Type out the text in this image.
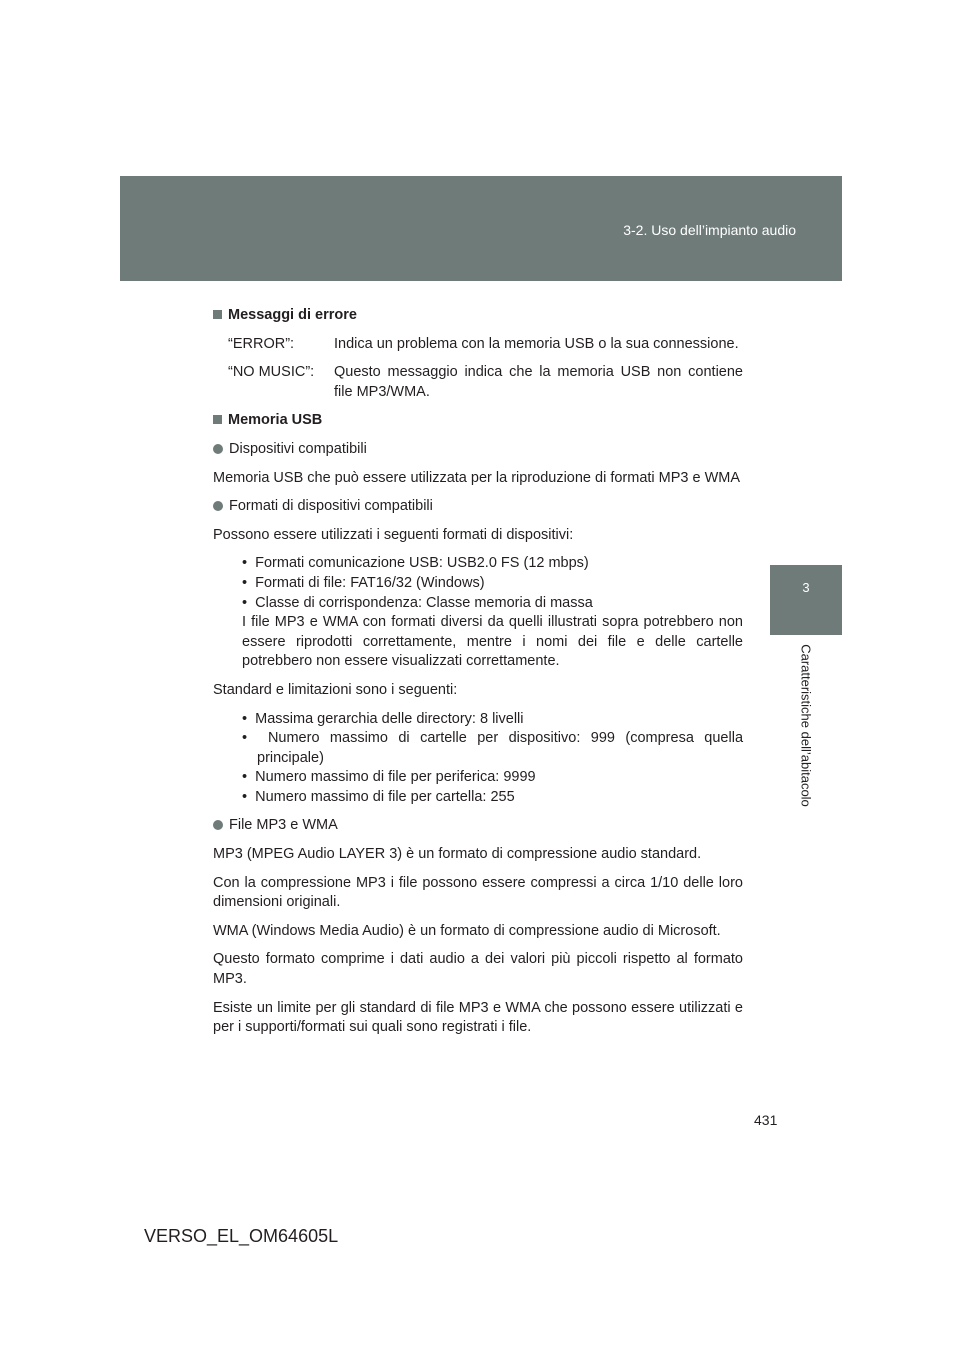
3-2. Uso dell’impianto audio
3
Caratteristiche dell’abitacolo

Messaggi di errore

“ERROR”:	Indica un problema con la memoria USB o la sua connessione.
“NO MUSIC”:	Questo messaggio indica che la memoria USB non contiene file MP3/WMA.

Memoria USB

Dispositivi compatibili

Memoria USB che può essere utilizzata per la riproduzione di formati MP3 e WMA

Formati di dispositivi compatibili

Possono essere utilizzati i seguenti formati di dispositivi:

•  Formati comunicazione USB: USB2.0 FS (12 mbps)
•  Formati di file: FAT16/32 (Windows)
•  Classe di corrispondenza: Classe memoria di massa
I file MP3 e WMA con formati diversi da quelli illustrati sopra potrebbero non essere riprodotti correttamente, mentre i nomi dei file e delle cartelle potrebbero non essere visualizzati correttamente.

Standard e limitazioni sono i seguenti:

•  Massima gerarchia delle directory: 8 livelli
•  Numero massimo di cartelle per dispositivo: 999 (compresa quella principale)
•  Numero massimo di file per periferica: 9999
•  Numero massimo di file per cartella: 255

File MP3 e WMA

MP3 (MPEG Audio LAYER 3) è un formato di compressione audio standard.

Con la compressione MP3 i file possono essere compressi a circa 1/10 delle loro dimensioni originali.

WMA (Windows Media Audio) è un formato di compressione audio di Microsoft.

Questo formato comprime i dati audio a dei valori più piccoli rispetto al formato MP3.

Esiste un limite per gli standard di file MP3 e WMA che possono essere utilizzati e per i supporti/formati sui quali sono registrati i file.

431
VERSO_EL_OM64605L
